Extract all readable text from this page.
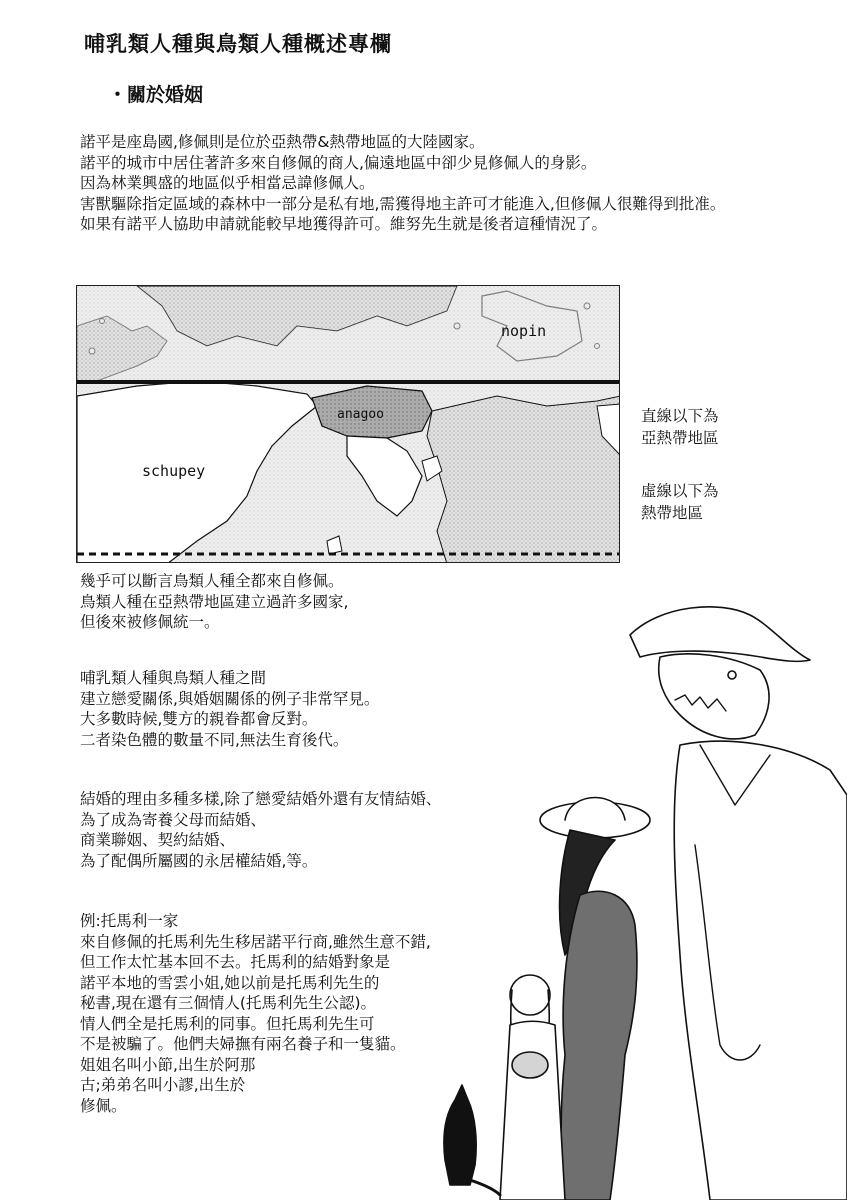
哺乳類人種與鳥類人種概述專欄
・關於婚姻

諾平是座島國,修佩則是位於亞熱帶&熱帶地區的大陸國家。
諾平的城市中居住著許多來自修佩的商人,偏遠地區中卻少見修佩人的身影。
因為林業興盛的地區似乎相當忌諱修佩人。
害獸驅除指定區域的森林中一部分是私有地,需獲得地主許可才能進入,但修佩人很難得到批准。
如果有諾平人協助申請就能較早地獲得許可。維努先生就是後者這種情況了。

nopin
anagoo
schupey

直線以下為
亞熱帶地區

虛線以下為
熱帶地區

幾乎可以斷言鳥類人種全都來自修佩。
鳥類人種在亞熱帶地區建立過許多國家,
但後來被修佩統一。

哺乳類人種與鳥類人種之間
建立戀愛關係,與婚姻關係的例子非常罕見。
大多數時候,雙方的親眷都會反對。
二者染色體的數量不同,無法生育後代。

結婚的理由多種多樣,除了戀愛結婚外還有友情結婚、
為了成為寄養父母而結婚、
商業聯姻、契約結婚、
為了配偶所屬國的永居權結婚,等。

例:托馬利一家
來自修佩的托馬利先生移居諾平行商,雖然生意不錯,
但工作太忙基本回不去。托馬利的結婚對象是
諾平本地的雪雲小姐,她以前是托馬利先生的
秘書,現在還有三個情人(托馬利先生公認)。
情人們全是托馬利的同事。但托馬利先生可
不是被騙了。他們夫婦撫有兩名養子和一隻貓。
姐姐名叫小節,出生於阿那
古;弟弟名叫小謬,出生於
修佩。
